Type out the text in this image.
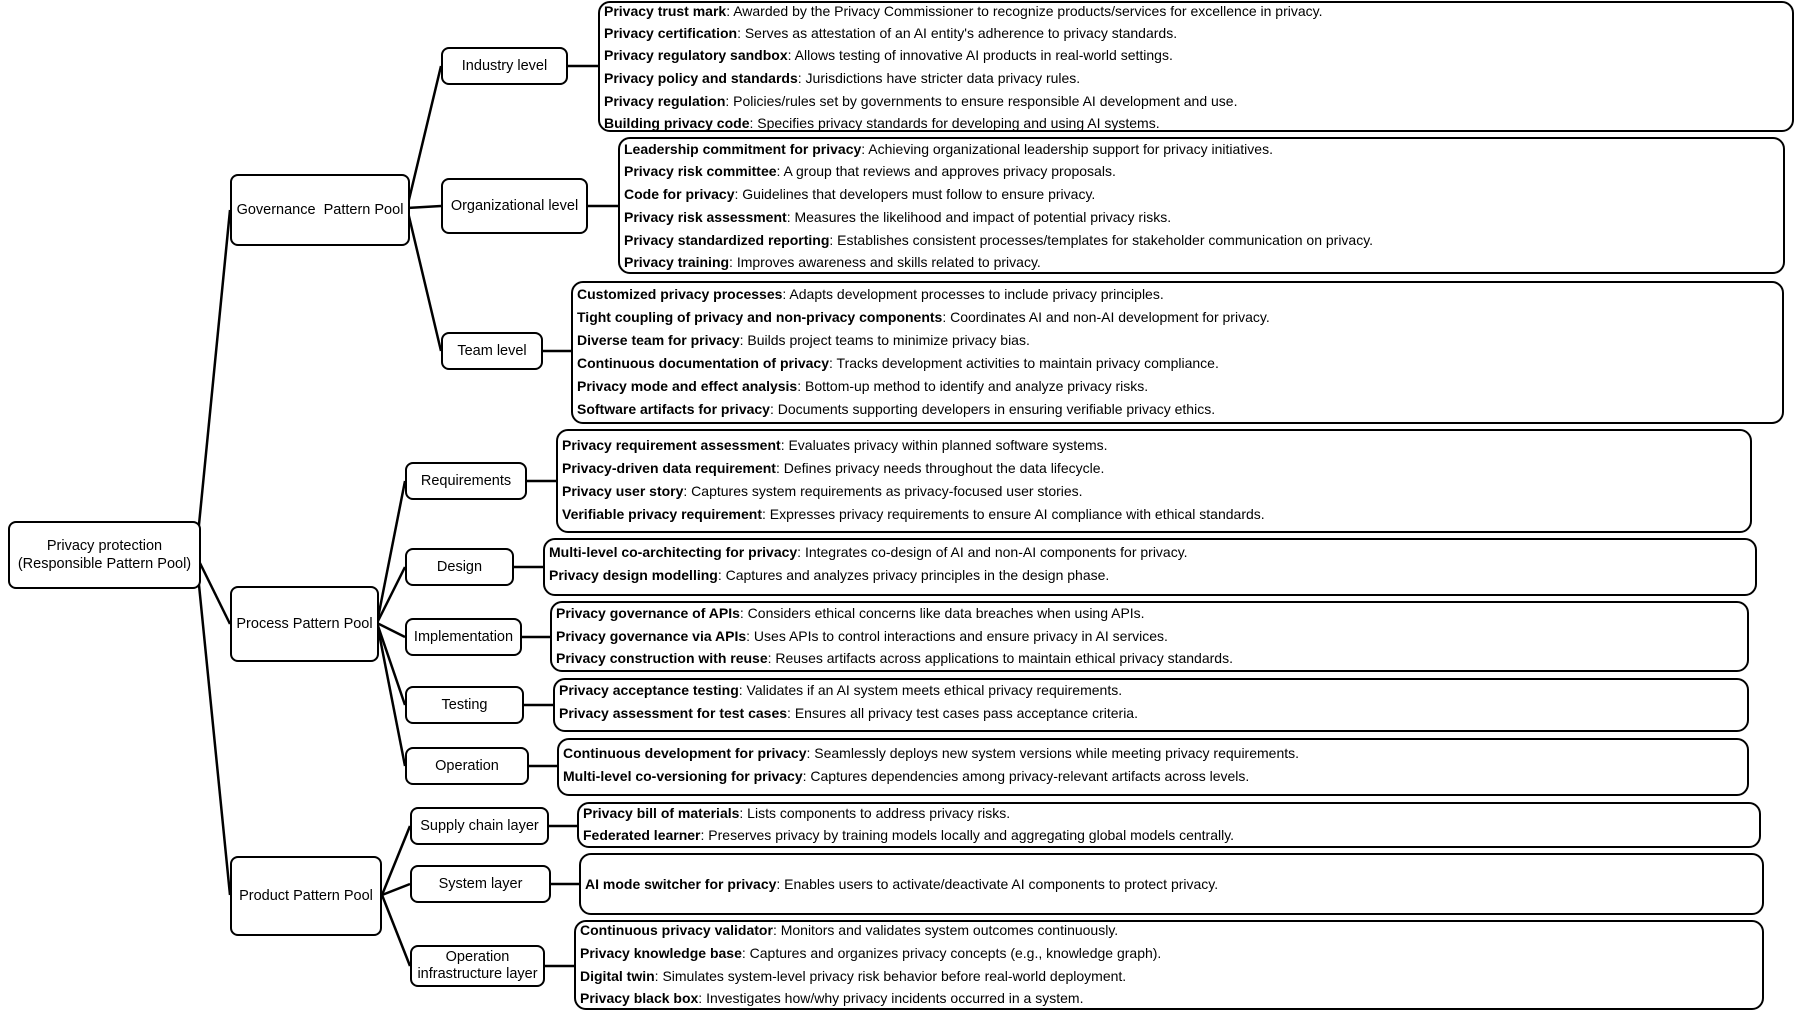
Privacy protection
(Responsible Pattern Pool)
Governance  Pattern Pool
Process Pattern Pool
Product Pattern Pool
Industry level
Organizational level
Team level
Requirements
Design
Implementation
Testing
Operation
Supply chain layer
System layer
Operation
infrastructure layer
Privacy trust mark: Awarded by the Privacy Commissioner to recognize products/services for excellence in privacy.
Privacy certification: Serves as attestation of an AI entity's adherence to privacy standards.
Privacy regulatory sandbox: Allows testing of innovative AI products in real-world settings.
Privacy policy and standards: Jurisdictions have stricter data privacy rules.
Privacy regulation: Policies/rules set by governments to ensure responsible AI development and use.
Building privacy code: Specifies privacy standards for developing and using AI systems.
Leadership commitment for privacy: Achieving organizational leadership support for privacy initiatives.
Privacy risk committee: A group that reviews and approves privacy proposals.
Code for privacy: Guidelines that developers must follow to ensure privacy.
Privacy risk assessment: Measures the likelihood and impact of potential privacy risks.
Privacy standardized reporting: Establishes consistent processes/templates for stakeholder communication on privacy.
Privacy training: Improves awareness and skills related to privacy.
Customized privacy processes: Adapts development processes to include privacy principles.
Tight coupling of privacy and non-privacy components: Coordinates AI and non-AI development for privacy.
Diverse team for privacy: Builds project teams to minimize privacy bias.
Continuous documentation of privacy: Tracks development activities to maintain privacy compliance.
Privacy mode and effect analysis: Bottom-up method to identify and analyze privacy risks.
Software artifacts for privacy: Documents supporting developers in ensuring verifiable privacy ethics.
Privacy requirement assessment: Evaluates privacy within planned software systems.
Privacy-driven data requirement: Defines privacy needs throughout the data lifecycle.
Privacy user story: Captures system requirements as privacy-focused user stories.
Verifiable privacy requirement: Expresses privacy requirements to ensure AI compliance with ethical standards.
Multi-level co-architecting for privacy: Integrates co-design of AI and non-AI components for privacy.
Privacy design modelling: Captures and analyzes privacy principles in the design phase.
Privacy governance of APIs: Considers ethical concerns like data breaches when using APIs.
Privacy governance via APIs: Uses APIs to control interactions and ensure privacy in AI services.
Privacy construction with reuse: Reuses artifacts across applications to maintain ethical privacy standards.
Privacy acceptance testing: Validates if an AI system meets ethical privacy requirements.
Privacy assessment for test cases: Ensures all privacy test cases pass acceptance criteria.
Continuous development for privacy: Seamlessly deploys new system versions while meeting privacy requirements.
Multi-level co-versioning for privacy: Captures dependencies among privacy-relevant artifacts across levels.
Privacy bill of materials: Lists components to address privacy risks.
Federated learner: Preserves privacy by training models locally and aggregating global models centrally.
AI mode switcher for privacy: Enables users to activate/deactivate AI components to protect privacy.
Continuous privacy validator: Monitors and validates system outcomes continuously.
Privacy knowledge base: Captures and organizes privacy concepts (e.g., knowledge graph).
Digital twin: Simulates system-level privacy risk behavior before real-world deployment.
Privacy black box: Investigates how/why privacy incidents occurred in a system.
